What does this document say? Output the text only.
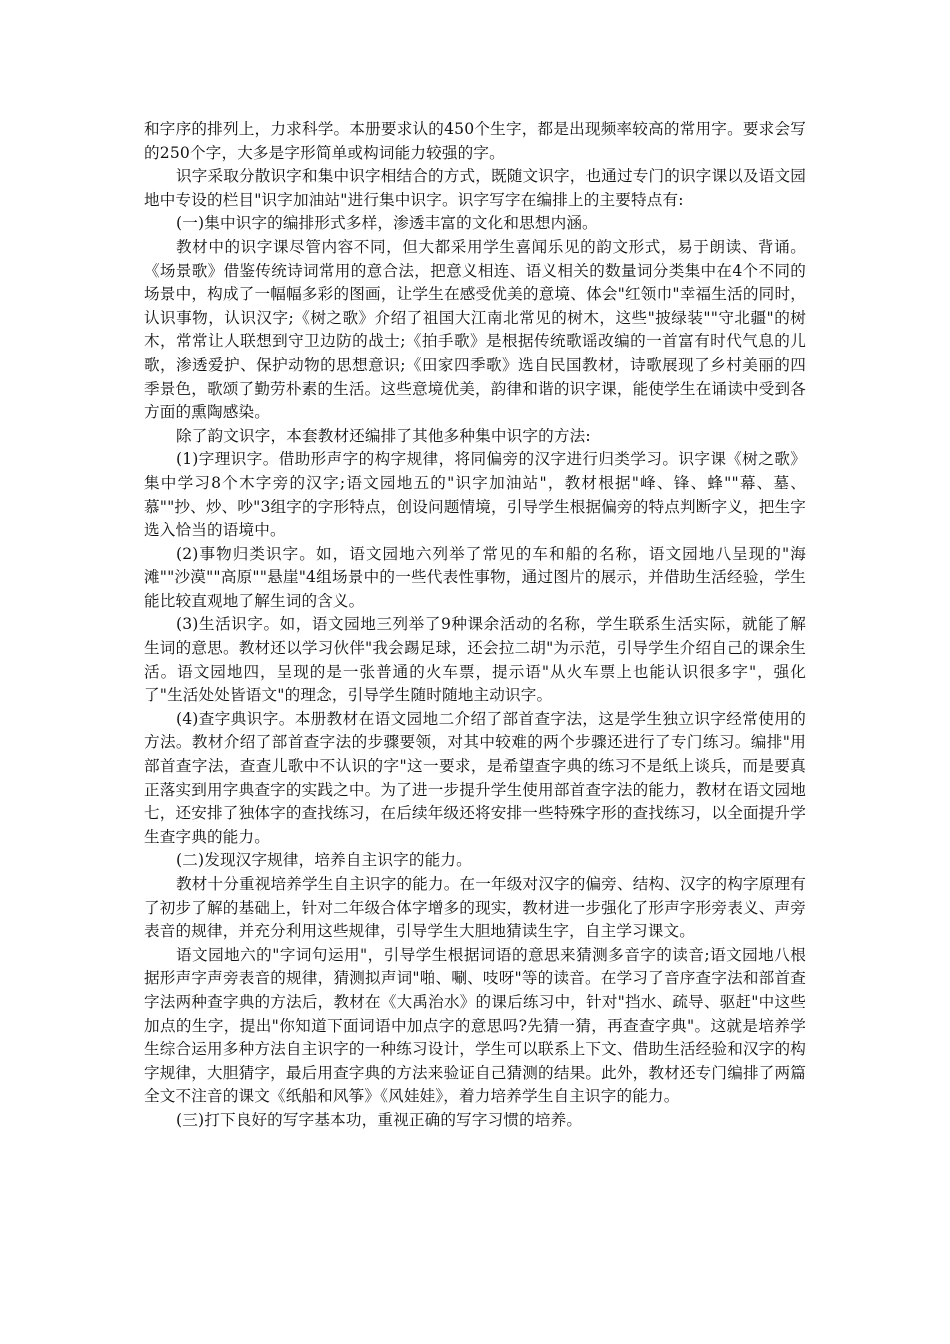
和字序的排列上，力求科学。本册要求认的450个生字，都是出现频率较高的常用字。要求会写的250个字，大多是字形简单或构词能力较强的字。

识字采取分散识字和集中识字相结合的方式，既随文识字，也通过专门的识字课以及语文园地中专设的栏目"识字加油站"进行集中识字。识字写字在编排上的主要特点有:

(一)集中识字的编排形式多样，渗透丰富的文化和思想内涵。

教材中的识字课尽管内容不同，但大都采用学生喜闻乐见的韵文形式，易于朗读、背诵。《场景歌》借鉴传统诗词常用的意合法，把意义相连、语义相关的数量词分类集中在4个不同的场景中，构成了一幅幅多彩的图画，让学生在感受优美的意境、体会"红领巾"幸福生活的同时，认识事物，认识汉字;《树之歌》介绍了祖国大江南北常见的树木，这些"披绿装""守北疆"的树木，常常让人联想到守卫边防的战士;《拍手歌》是根据传统歌谣改编的一首富有时代气息的儿歌，渗透爱护、保护动物的思想意识;《田家四季歌》选自民国教材，诗歌展现了乡村美丽的四季景色，歌颂了勤劳朴素的生活。这些意境优美，韵律和谐的识字课，能使学生在诵读中受到各方面的熏陶感染。

除了韵文识字，本套教材还编排了其他多种集中识字的方法:

(1)字理识字。借助形声字的构字规律，将同偏旁的汉字进行归类学习。识字课《树之歌》集中学习8个木字旁的汉字;语文园地五的"识字加油站"，教材根据"峰、锋、蜂""幕、墓、慕""抄、炒、吵"3组字的字形特点，创设问题情境，引导学生根据偏旁的特点判断字义，把生字选入恰当的语境中。

(2)事物归类识字。如，语文园地六列举了常见的车和船的名称，语文园地八呈现的"海滩""沙漠""高原""悬崖"4组场景中的一些代表性事物，通过图片的展示，并借助生活经验，学生能比较直观地了解生词的含义。

(3)生活识字。如，语文园地三列举了9种课余活动的名称，学生联系生活实际，就能了解生词的意思。教材还以学习伙伴"我会踢足球，还会拉二胡"为示范，引导学生介绍自己的课余生活。语文园地四，呈现的是一张普通的火车票，提示语"从火车票上也能认识很多字"，强化了"生活处处皆语文"的理念，引导学生随时随地主动识字。

(4)查字典识字。本册教材在语文园地二介绍了部首查字法，这是学生独立识字经常使用的方法。教材介绍了部首查字法的步骤要领，对其中较难的两个步骤还进行了专门练习。编排"用部首查字法，查查儿歌中不认识的字"这一要求，是希望查字典的练习不是纸上谈兵，而是要真正落实到用字典查字的实践之中。为了进一步提升学生使用部首查字法的能力，教材在语文园地七，还安排了独体字的查找练习，在后续年级还将安排一些特殊字形的查找练习，以全面提升学生查字典的能力。

(二)发现汉字规律，培养自主识字的能力。

教材十分重视培养学生自主识字的能力。在一年级对汉字的偏旁、结构、汉字的构字原理有了初步了解的基础上，针对二年级合体字增多的现实，教材进一步强化了形声字形旁表义、声旁表音的规律，并充分利用这些规律，引导学生大胆地猜读生字，自主学习课文。

语文园地六的"字词句运用"，引导学生根据词语的意思来猜测多音字的读音;语文园地八根据形声字声旁表音的规律，猜测拟声词"啪、唰、吱呀"等的读音。在学习了音序查字法和部首查字法两种查字典的方法后，教材在《大禹治水》的课后练习中，针对"挡水、疏导、驱赶"中这些加点的生字，提出"你知道下面词语中加点字的意思吗?先猜一猜，再查查字典"。这就是培养学生综合运用多种方法自主识字的一种练习设计，学生可以联系上下文、借助生活经验和汉字的构字规律，大胆猜字，最后用查字典的方法来验证自己猜测的结果。此外，教材还专门编排了两篇全文不注音的课文《纸船和风筝》《风娃娃》，着力培养学生自主识字的能力。

(三)打下良好的写字基本功，重视正确的写字习惯的培养。
